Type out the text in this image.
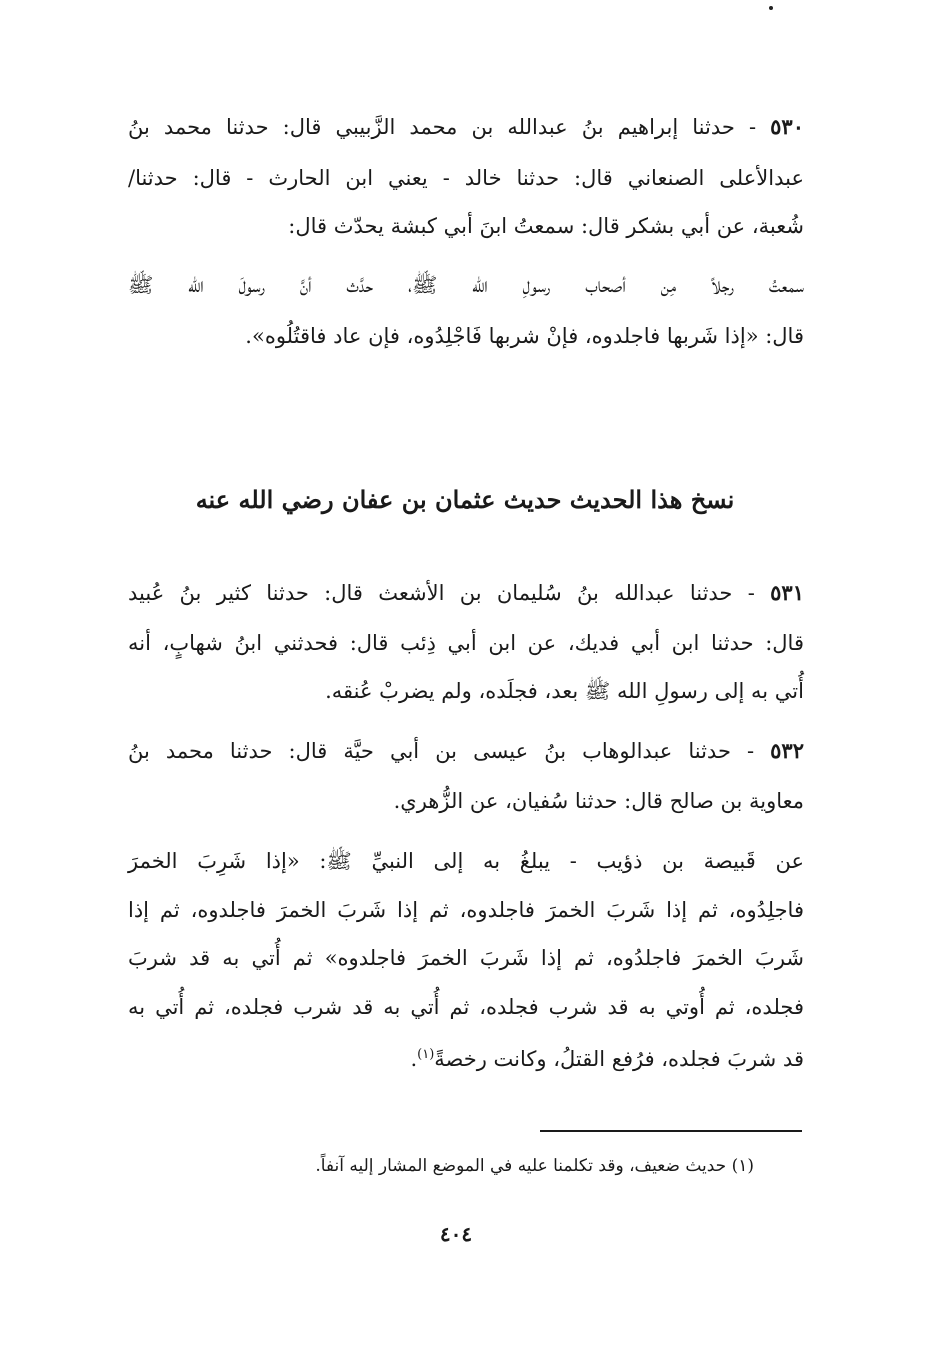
٥٣٠ - حدثنا إبراهيم بنُ عبدالله بن محمد الزَّبيبي قال: حدثنا محمد بنُ
عبدالأعلى الصنعاني قال: حدثنا خالد - يعني ابن الحارث - قال: حدثنا/
شُعبة، عن أبي بشكر قال: سمعتُ ابنَ أبي كبشة يحدّث قال:
سمعتُ رجلاً مِن أصحاب رسولِ الله ﷺ، حدَّث أنَّ رسولَ الله ﷺ
قال: «إذا شَربها فاجلدوه، فإنْ شربها فَاجْلِدُوه، فإن عاد فاقتُلُوه».
نسخ هذا الحديث حديث عثمان بن عفان رضي الله عنه
٥٣١ - حدثنا عبدالله بنُ سُليمان بن الأشعث قال: حدثنا كثير بنُ عُبيد
قال: حدثنا ابن أبي فديك، عن ابن أبي ذِئب قال: فحدثني ابنُ شهابٍ، أنه
أُتي به إلى رسولِ الله ﷺ بعد، فجلَده، ولم يضربْ عُنقه.
٥٣٢ - حدثنا عبدالوهاب بنُ عيسى بن أبي حيَّة قال: حدثنا محمد بنُ
معاوية بن صالح قال: حدثنا سُفيان، عن الزُّهري.
عن قَبيصة بن ذؤيب - يبلغُ به إلى النبيِّ ﷺ: «إذا شَرِبَ الخمرَ
فاجلِدُوه، ثم إذا شَربَ الخمرَ فاجلدوه، ثم إذا شَربَ الخمرَ فاجلدوه، ثم إذا
شَربَ الخمرَ فاجلدُوه، ثم إذا شَربَ الخمرَ فاجلدوه» ثم أُتي به قد شربَ
فجلده، ثم أُوتي به قد شرب فجلده، ثم أُتي به قد شرب فجلده، ثم أُتي به
قد شربَ فجلده، فرُفع القتلُ، وكانت رخصةً$^{(١)}$.
(١) حديث ضعيف، وقد تكلمنا عليه في الموضع المشار إليه آنفاً.
٤٠٤
